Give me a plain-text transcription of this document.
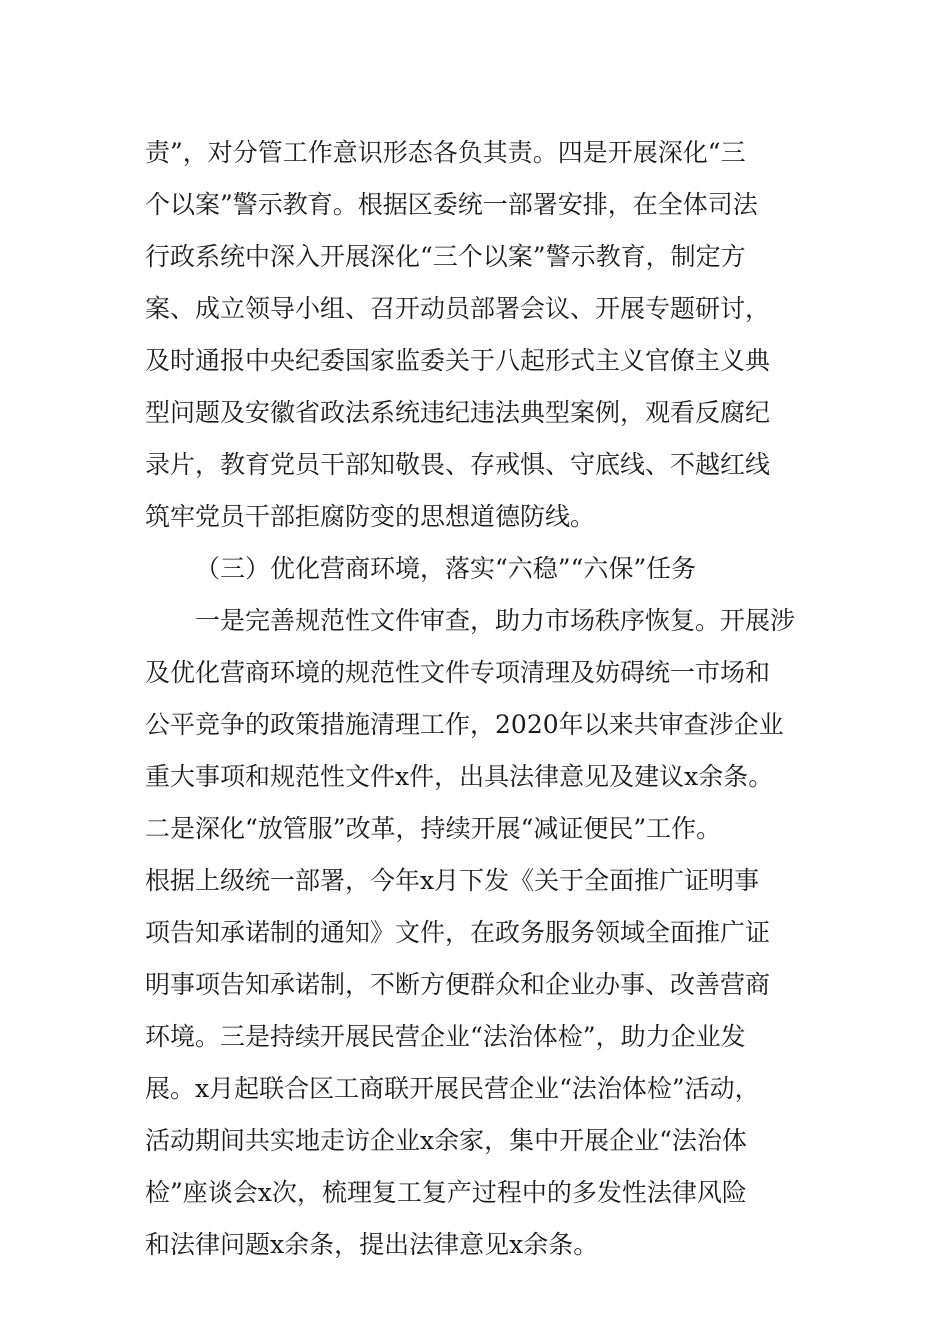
责”，对分管工作意识形态各负其责。四是开展深化“三
个以案”警示教育。根据区委统一部署安排，在全体司法
行政系统中深入开展深化“三个以案”警示教育，制定方
案、成立领导小组、召开动员部署会议、开展专题研讨，
及时通报中央纪委国家监委关于八起形式主义官僚主义典
型问题及安徽省政法系统违纪违法典型案例，观看反腐纪
录片，教育党员干部知敬畏、存戒惧、守底线、不越红线
筑牢党员干部拒腐防变的思想道德防线。
（三）优化营商环境，落实“六稳”“六保”任务
一是完善规范性文件审查，助力市场秩序恢复。开展涉
及优化营商环境的规范性文件专项清理及妨碍统一市场和
公平竞争的政策措施清理工作，2020年以来共审查涉企业
重大事项和规范性文件x件，出具法律意见及建议x余条。
二是深化“放管服”改革，持续开展“减证便民”工作。
根据上级统一部署，今年x月下发《关于全面推广证明事
项告知承诺制的通知》文件，在政务服务领域全面推广证
明事项告知承诺制，不断方便群众和企业办事、改善营商
环境。三是持续开展民营企业“法治体检”，助力企业发
展。x月起联合区工商联开展民营企业“法治体检”活动，
活动期间共实地走访企业x余家，集中开展企业“法治体
检”座谈会x次，梳理复工复产过程中的多发性法律风险
和法律问题x余条，提出法律意见x余条。
